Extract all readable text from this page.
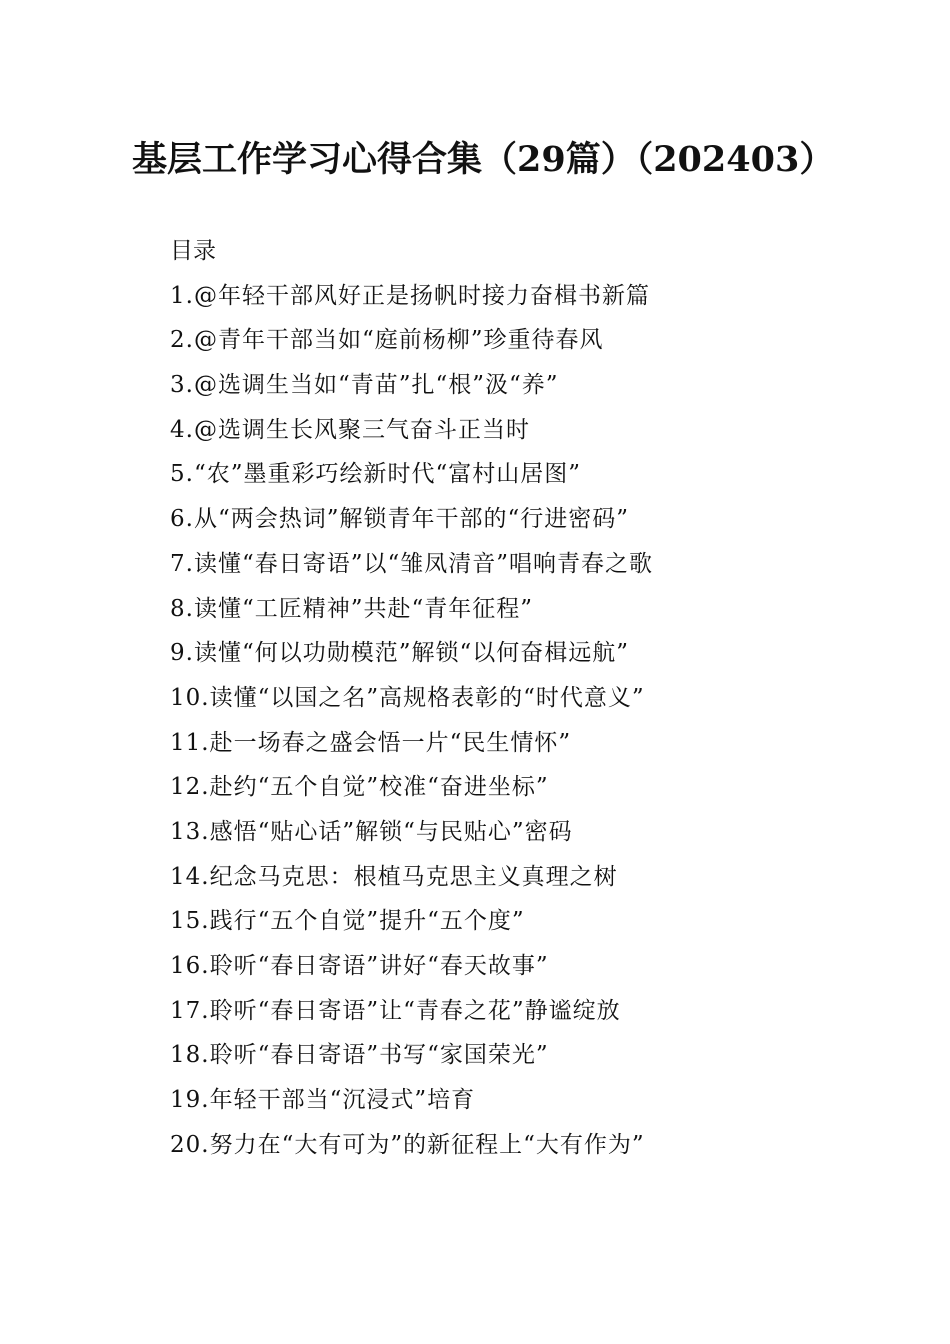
基层工作学习心得合集（29篇）（202403）
目录
1.@年轻干部风好正是扬帆时接力奋楫书新篇
2.@青年干部当如“庭前杨柳”珍重待春风
3.@选调生当如“青苗”扎“根”汲“养”
4.@选调生长风聚三气奋斗正当时
5.“农”墨重彩巧绘新时代“富村山居图”
6.从“两会热词”解锁青年干部的“行进密码”
7.读懂“春日寄语”以“雏凤清音”唱响青春之歌
8.读懂“工匠精神”共赴“青年征程”
9.读懂“何以功勋模范”解锁“以何奋楫远航”
10.读懂“以国之名”高规格表彰的“时代意义”
11.赴一场春之盛会悟一片“民生情怀”
12.赴约“五个自觉”校准“奋进坐标”
13.感悟“贴心话”解锁“与民贴心”密码
14.纪念马克思：根植马克思主义真理之树
15.践行“五个自觉”提升“五个度”
16.聆听“春日寄语”讲好“春天故事”
17.聆听“春日寄语”让“青春之花”静谧绽放
18.聆听“春日寄语”书写“家国荣光”
19.年轻干部当“沉浸式”培育
20.努力在“大有可为”的新征程上“大有作为”
